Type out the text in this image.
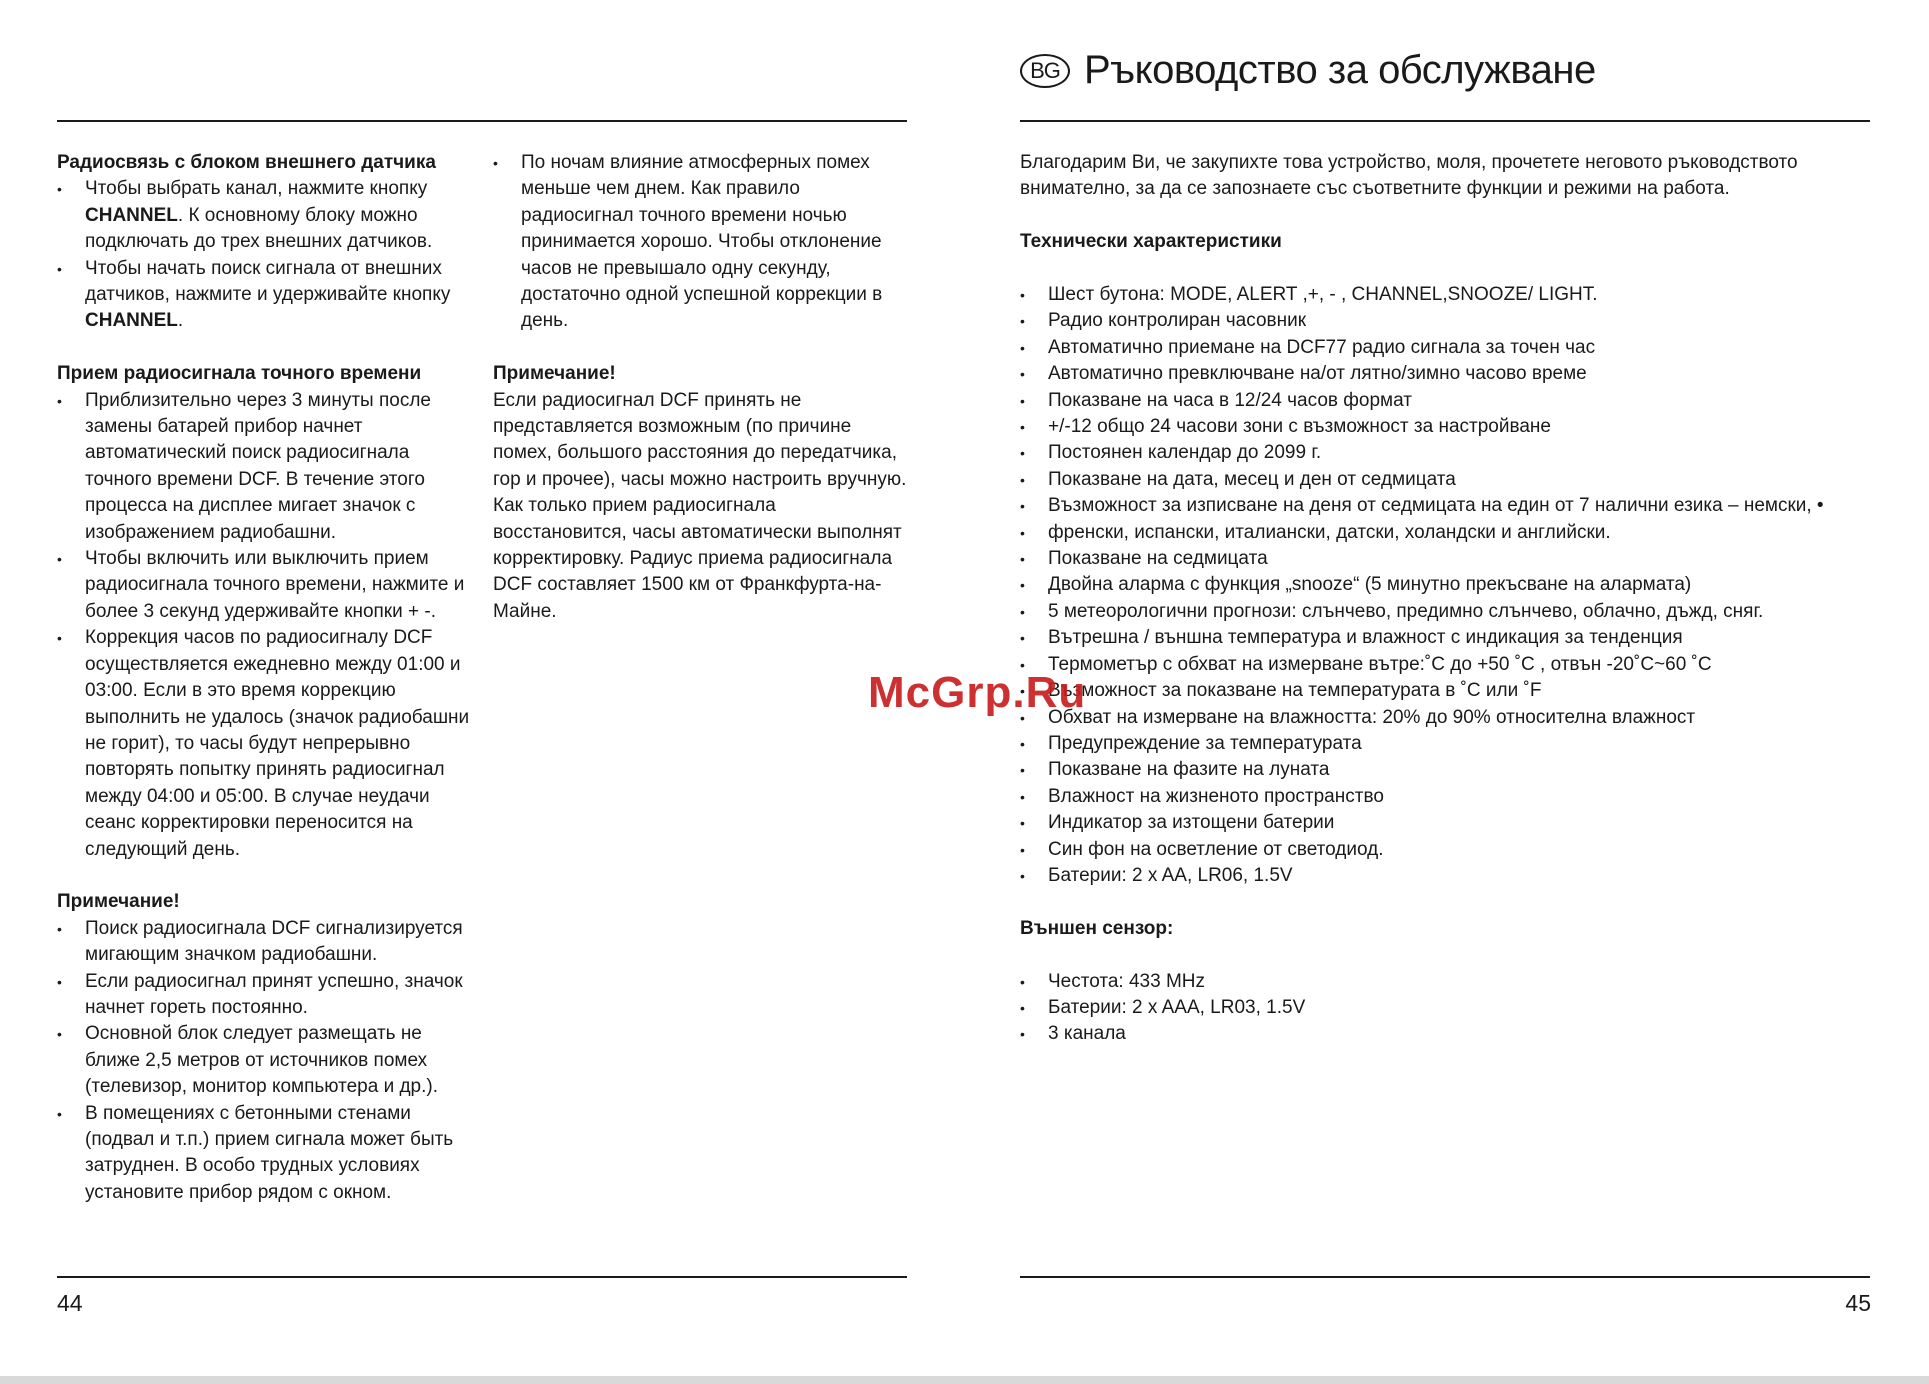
Радиосвязь с блоком внешнего датчика

• Чтобы выбрать канал, нажмите кнопку CHANNEL. К основному блоку можно подключать до трех внешних датчиков.
• Чтобы начать поиск сигнала от внешних датчиков, нажмите и удерживайте кнопку CHANNEL.

Прием радиосигнала точного времени

• Приблизительно через 3 минуты после замены батарей прибор начнет автоматический поиск радиосигнала точного времени DCF. В течение этого процесса на дисплее мигает значок с изображением радиобашни.
• Чтобы включить или выключить прием радиосигнала точного времени, нажмите и более 3 секунд удерживайте кнопки + -.
• Коррекция часов по радиосигналу DCF осуществляется ежедневно между 01:00 и 03:00. Если в это время коррекцию выполнить не удалось (значок радиобашни не горит), то часы будут непрерывно повторять попытку принять радиосигнал между 04:00 и 05:00. В случае неудачи сеанс корректировки переносится на следующий день.

Примечание!

• Поиск радиосигнала DCF сигнализируется мигающим значком радиобашни.
• Если радиосигнал принят успешно, значок начнет гореть постоянно.
• Основной блок следует размещать не ближе 2,5 метров от источников помех (телевизор, монитор компьютера и др.).
• В помещениях с бетонными стенами (подвал и т.п.) прием сигнала может быть затруднен. В особо трудных условиях установите прибор рядом с окном.
• По ночам влияние атмосферных помех меньше чем днем. Как правило радиосигнал точного времени ночью принимается хорошо. Чтобы отклонение часов не превышало одну секунду, достаточно одной успешной коррекции в день.

Примечание!

Если радиосигнал DCF принять не представляется возможным (по причине помех, большого расстояния до передатчика, гор и прочее), часы можно настроить вручную. Как только прием радиосигнала восстановится, часы автоматически выполнят корректировку. Радиус приема радиосигнала DCF составляет 1500 км от Франкфурта-на-Майне.

44
BG Ръководство за обслужване

Благодарим Ви, че закупихте това устройство, моля, прочетете неговото ръководството внимателно, за да се запознаете със съответните функции и режими на работа.

Технически характеристики

• Шест бутона: MODE, ALERT ,+, - , CHANNEL,SNOOZE/ LIGHT.
• Радио контролиран часовник
• Автоматично приемане на DCF77 радио сигнала за точен час
• Автоматично превключване на/от лятно/зимно часово време
• Показване на часа в 12/24 часов формат
• +/-12 общо 24 часови зони с възможност за настройване
• Постоянен календар до 2099 г.
• Показване на дата, месец и ден от седмицата
• Възможност за изписване на деня от седмицата на един от 7 налични езика – немски, •
• френски, испански, италиански, датски, холандски и английски.
• Показване на седмицата
• Двойна аларма с функция „snooze“ (5 минутно прекъсване на алармата)
• 5 метеорологични прогнози: слънчево, предимно слънчево, облачно, дъжд, сняг.
• Вътрешна / външна температура и влажност с индикация за тенденция
• Термометър с обхват на измерване вътре:˚C до +50 ˚C , отвън -20˚C~60 ˚C
• Възможност за показване на температурата в ˚C или ˚F
• Обхват на измерване на влажността: 20% до 90% относителна влажност
• Предупреждение за температурата
• Показване на фазите на луната
• Влажност на жизненото пространство
• Индикатор за изтощени батерии
• Син фон на осветление от светодиод.
• Батерии: 2 x AA, LR06, 1.5V

Външен сензор:

• Честота: 433 MHz
• Батерии: 2 x AAA, LR03, 1.5V
• 3 канала
45
McGrp.Ru
